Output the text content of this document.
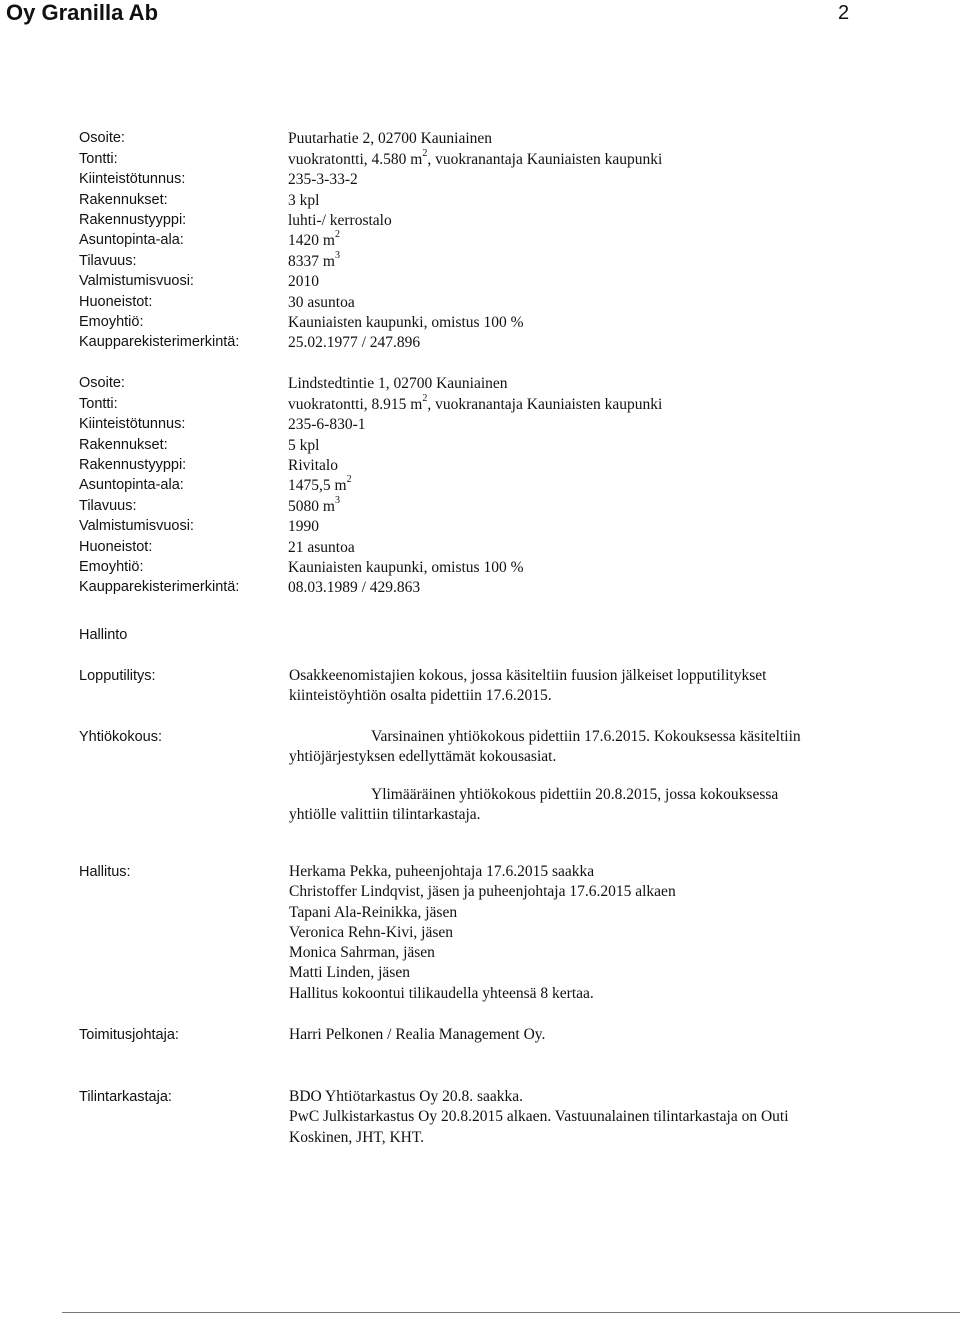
Oy Granilla Ab	2
Osoite:	Puutarhatie 2, 02700 Kauniainen
Tontti:	vuokratontti, 4.580 $m^2$, vuokranantaja Kauniaisten kaupunki
Kiinteistötunnus:	235-3-33-2
Rakennukset:	3 kpl
Rakennustyyppi:	luhti-/ kerrostalo
Asuntopinta-ala:	1420 $m^2$
Tilavuus:	8337 $m^3$
Valmistumisvuosi:	2010
Huoneistot:	30 asuntoa
Emoyhtiö:	Kauniaisten kaupunki, omistus 100 %
Kaupparekisterimerkintä:	25.02.1977 / 247.896
Osoite:	Lindstedtintie 1, 02700 Kauniainen
Tontti:	vuokratontti, 8.915 $m^2$, vuokranantaja Kauniaisten kaupunki
Kiinteistötunnus:	235-6-830-1
Rakennukset:	5 kpl
Rakennustyyppi:	Rivitalo
Asuntopinta-ala:	1475,5 $m^2$
Tilavuus:	5080 $m^3$
Valmistumisvuosi:	1990
Huoneistot:	21 asuntoa
Emoyhtiö:	Kauniaisten kaupunki, omistus 100 %
Kaupparekisterimerkintä:	08.03.1989 / 429.863
Hallinto
Lopputilitys:	Osakkeenomistajien kokous, jossa käsiteltiin fuusion jälkeiset lopputilitykset
kiinteistöyhtiön osalta pidettiin 17.6.2015.
Yhtiökokous:	Varsinainen yhtiökokous pidettiin 17.6.2015. Kokouksessa käsiteltiin
yhtiöjärjestyksen edellyttämät kokousasiat.
Ylimääräinen yhtiökokous pidettiin 20.8.2015, jossa kokouksessa
yhtiölle valittiin tilintarkastaja.
Hallitus:	Herkama Pekka, puheenjohtaja 17.6.2015 saakka
Christoffer Lindqvist, jäsen ja puheenjohtaja 17.6.2015 alkaen
Tapani Ala-Reinikka, jäsen
Veronica Rehn-Kivi, jäsen
Monica Sahrman, jäsen
Matti Linden, jäsen
Hallitus kokoontui tilikaudella yhteensä 8 kertaa.
Toimitusjohtaja:	Harri Pelkonen / Realia Management Oy.
Tilintarkastaja:	BDO Yhtiötarkastus Oy 20.8. saakka.
PwC Julkistarkastus Oy 20.8.2015 alkaen. Vastuunalainen tilintarkastaja on Outi
Koskinen, JHT, KHT.
